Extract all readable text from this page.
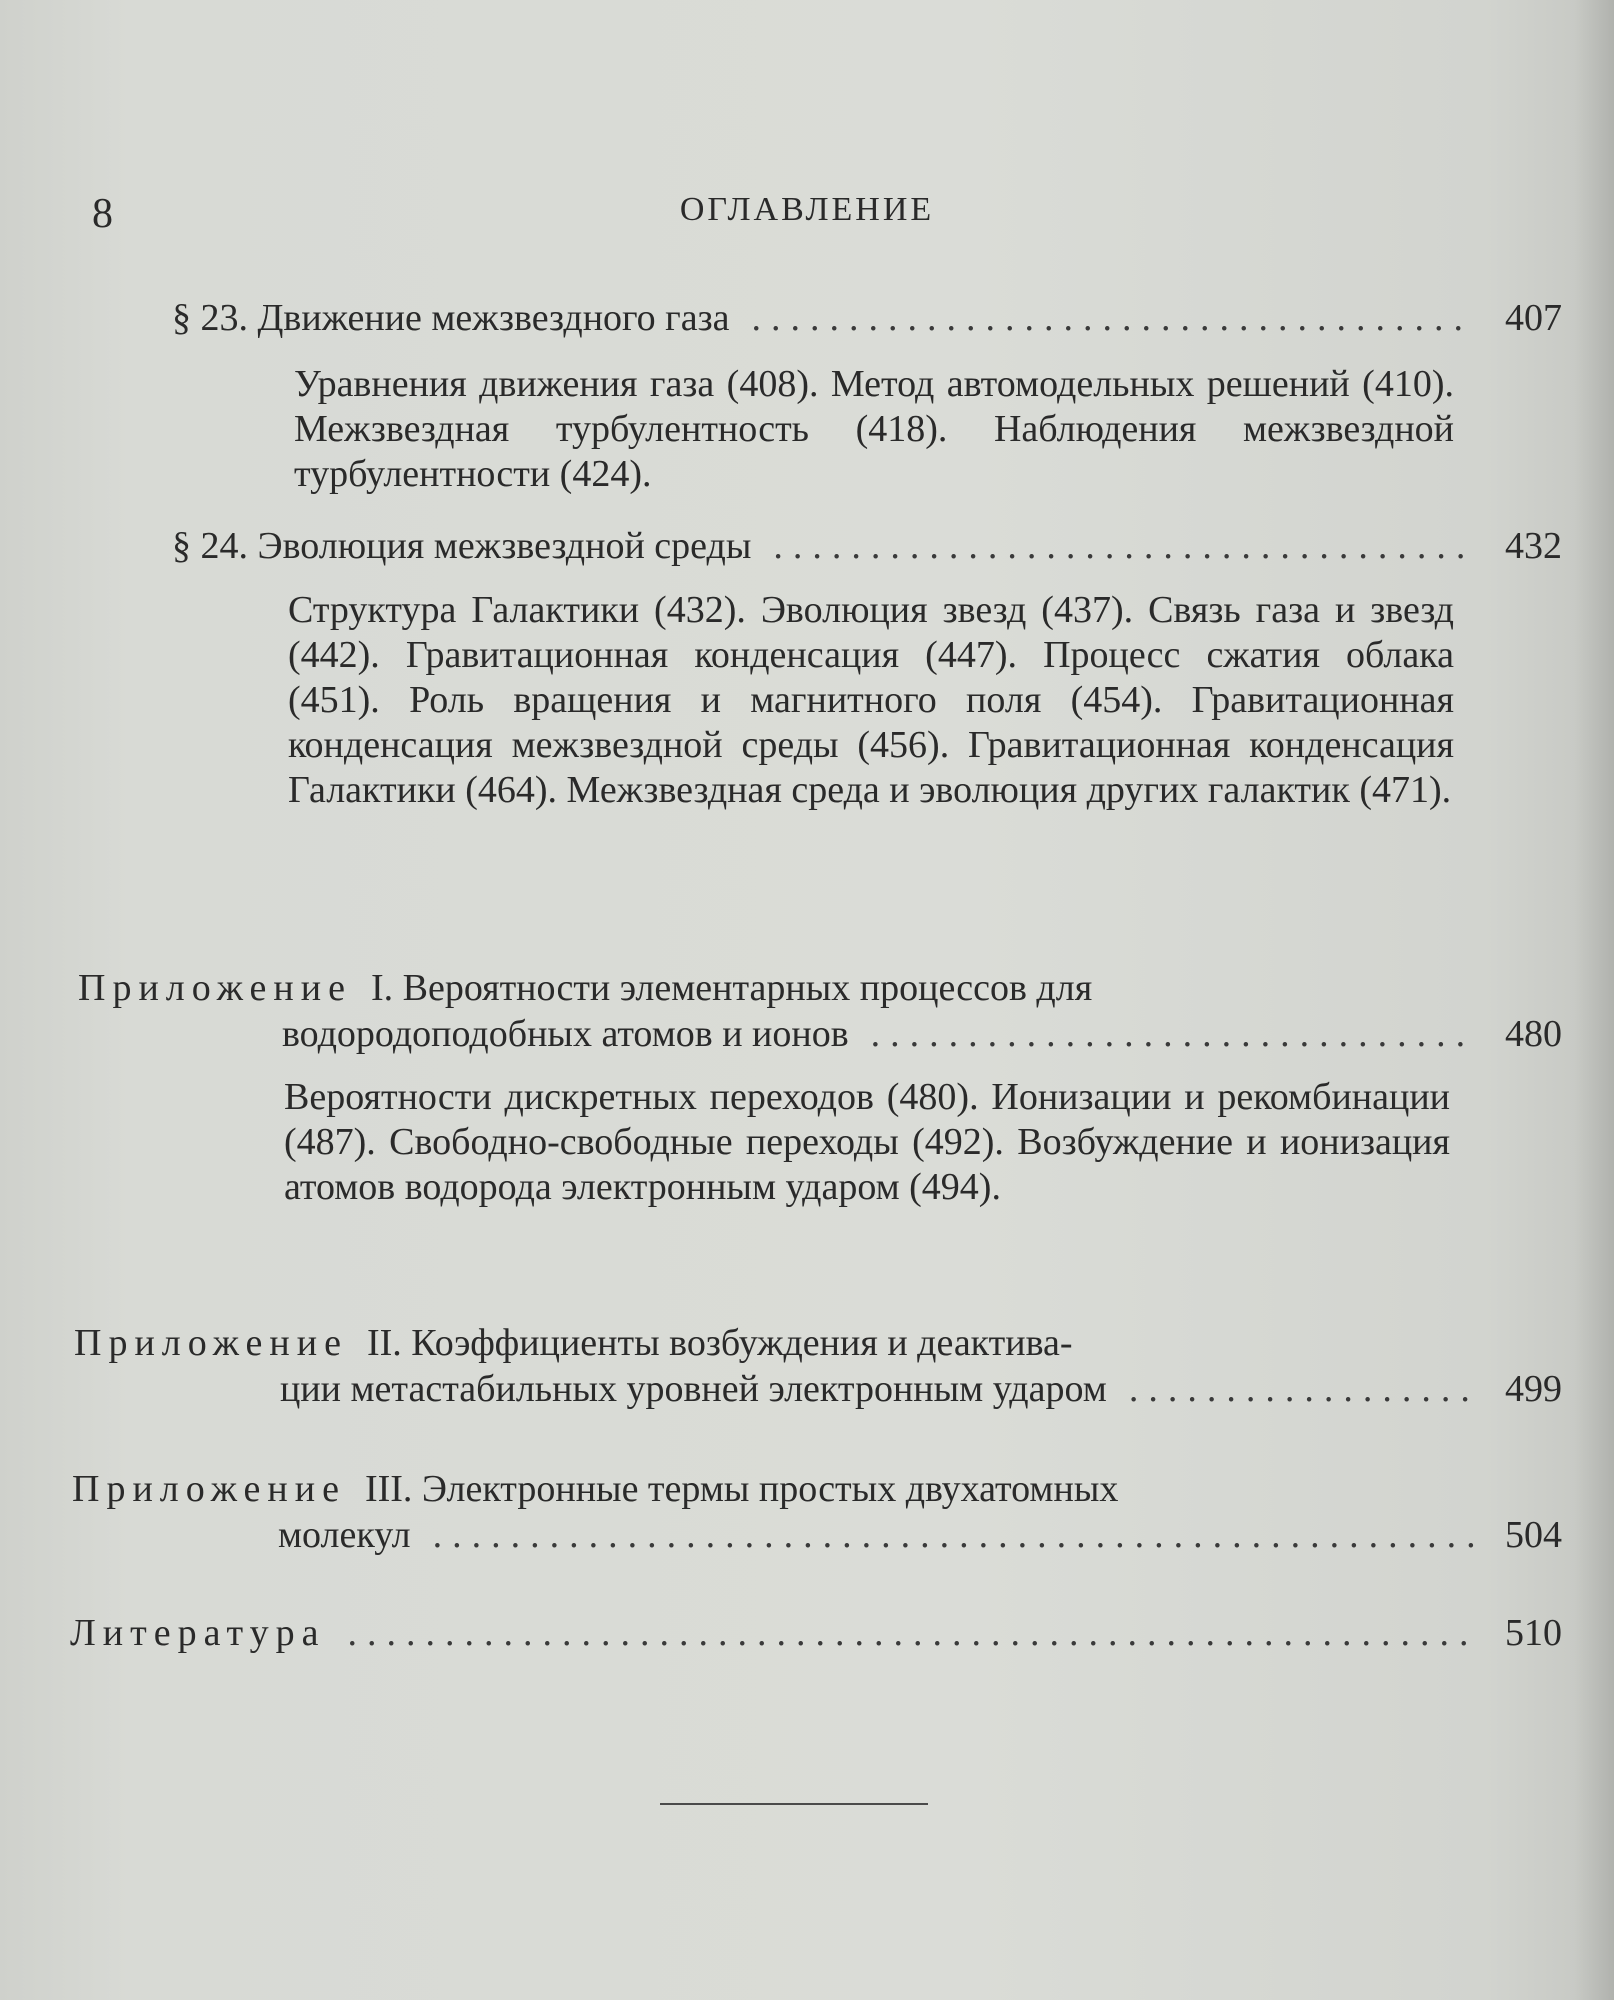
8	ОГЛАВЛЕНИЕ
§ 23.
Движение межзвездного газа .....	407
Уравнения движения газа (408). Метод автомодельных решений (410). Межзвездная турбулентность (418). Наблюдения межзвездной турбулентности (424).
§ 24.
Эволюция межзвездной среды .....	432
Структура Галактики (432). Эволюция звезд (437). Связь газа и звезд (442). Гравитационная конденсация (447). Процесс сжатия облака (451). Роль вращения и магнитного поля (454). Гравитационная конденсация межзвездной среды (456). Гравитационная конденсация Галактики (464). Межзвездная среда и эволюция других галактик (471).
Приложение
I. Вероятности элементарных процессов для
водородоподобных атомов и ионов .....	480
Вероятности дискретных переходов (480). Ионизации и рекомбинации (487). Свободно-свободные переходы (492). Возбуждение и ионизация атомов водорода электронным ударом (494).
Приложение
II. Коэффициенты возбуждения и деактива-
ции метастабильных уровней электронным ударом .....	499
Приложение
III. Электронные термы простых двухатомных
молекул .....	504
Литература .....	510
